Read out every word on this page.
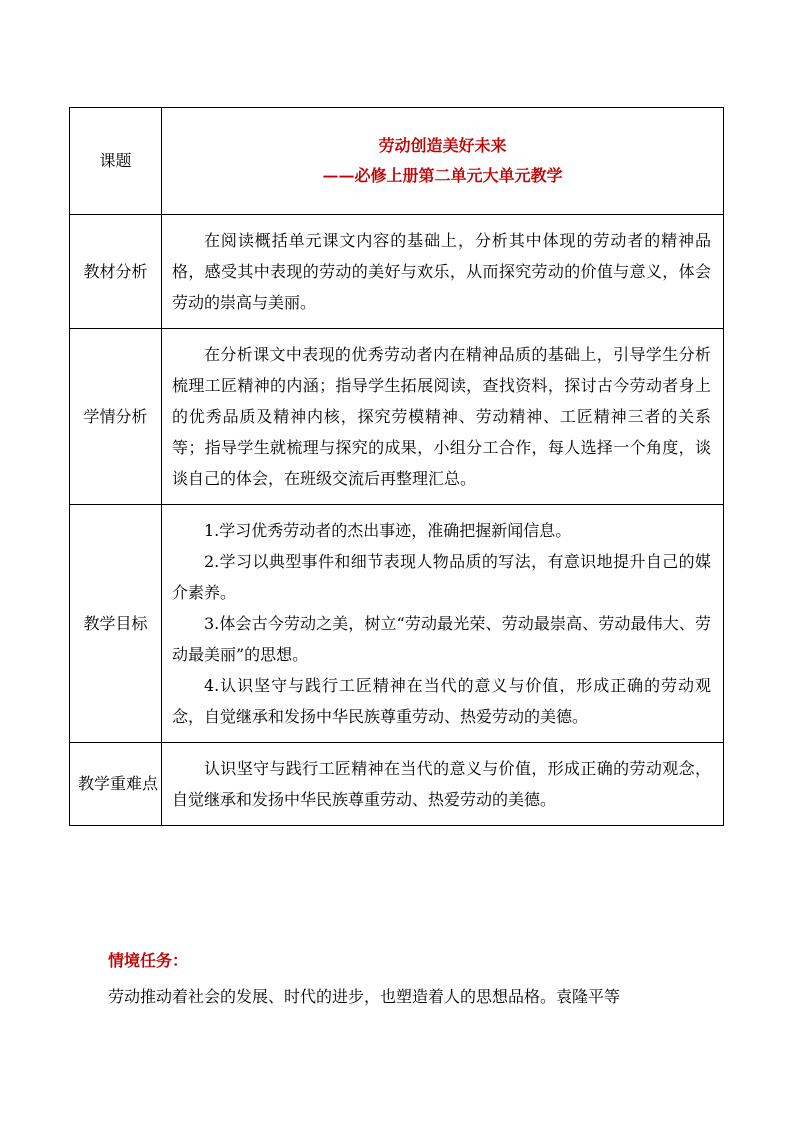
课题	劳动创造美好未来
——必修上册第二单元大单元教学

教材分析	在阅读概括单元课文内容的基础上，分析其中体现的劳动者的精神品格，感受其中表现的劳动的美好与欢乐，从而探究劳动的价值与意义，体会劳动的崇高与美丽。

学情分析	在分析课文中表现的优秀劳动者内在精神品质的基础上，引导学生分析梳理工匠精神的内涵；指导学生拓展阅读，查找资料，探讨古今劳动者身上的优秀品质及精神内核，探究劳模精神、劳动精神、工匠精神三者的关系等；指导学生就梳理与探究的成果，小组分工合作，每人选择一个角度，谈谈自己的体会，在班级交流后再整理汇总。

教学目标	1.学习优秀劳动者的杰出事迹，准确把握新闻信息。

2.学习以典型事件和细节表现人物品质的写法，有意识地提升自己的媒介素养。

3.体会古今劳动之美，树立“劳动最光荣、劳动最崇高、劳动最伟大、劳动最美丽”的思想。

4.认识坚守与践行工匠精神在当代的意义与价值，形成正确的劳动观念，自觉继承和发扬中华民族尊重劳动、热爱劳动的美德。

教学重难点	认识坚守与践行工匠精神在当代的意义与价值，形成正确的劳动观念，自觉继承和发扬中华民族尊重劳动、热爱劳动的美德。

情境任务：
劳动推动着社会的发展、时代的进步，也塑造着人的思想品格。袁隆平等
